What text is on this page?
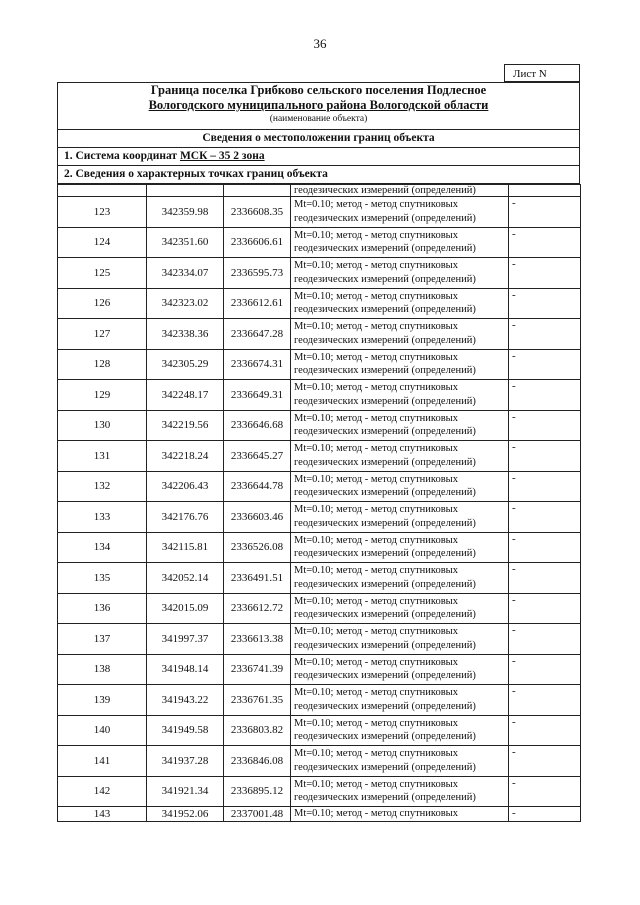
36
Лист N
Граница поселка Грибково сельского поселения Подлесное
Вологодского муниципального района Вологодской области
(наименование объекта)
Сведения о местоположении границ объекта
1. Система координат МСК – 35 2 зона
2. Сведения о характерных точках границ объекта
			геодезических измерений (определений)	
123	342359.98	2336608.35	Mt=0.10; метод - метод спутниковых
геодезических измерений (определений)	-
124	342351.60	2336606.61	Mt=0.10; метод - метод спутниковых
геодезических измерений (определений)	-
125	342334.07	2336595.73	Mt=0.10; метод - метод спутниковых
геодезических измерений (определений)	-
126	342323.02	2336612.61	Mt=0.10; метод - метод спутниковых
геодезических измерений (определений)	-
127	342338.36	2336647.28	Mt=0.10; метод - метод спутниковых
геодезических измерений (определений)	-
128	342305.29	2336674.31	Mt=0.10; метод - метод спутниковых
геодезических измерений (определений)	-
129	342248.17	2336649.31	Mt=0.10; метод - метод спутниковых
геодезических измерений (определений)	-
130	342219.56	2336646.68	Mt=0.10; метод - метод спутниковых
геодезических измерений (определений)	-
131	342218.24	2336645.27	Mt=0.10; метод - метод спутниковых
геодезических измерений (определений)	-
132	342206.43	2336644.78	Mt=0.10; метод - метод спутниковых
геодезических измерений (определений)	-
133	342176.76	2336603.46	Mt=0.10; метод - метод спутниковых
геодезических измерений (определений)	-
134	342115.81	2336526.08	Mt=0.10; метод - метод спутниковых
геодезических измерений (определений)	-
135	342052.14	2336491.51	Mt=0.10; метод - метод спутниковых
геодезических измерений (определений)	-
136	342015.09	2336612.72	Mt=0.10; метод - метод спутниковых
геодезических измерений (определений)	-
137	341997.37	2336613.38	Mt=0.10; метод - метод спутниковых
геодезических измерений (определений)	-
138	341948.14	2336741.39	Mt=0.10; метод - метод спутниковых
геодезических измерений (определений)	-
139	341943.22	2336761.35	Mt=0.10; метод - метод спутниковых
геодезических измерений (определений)	-
140	341949.58	2336803.82	Mt=0.10; метод - метод спутниковых
геодезических измерений (определений)	-
141	341937.28	2336846.08	Mt=0.10; метод - метод спутниковых
геодезических измерений (определений)	-
142	341921.34	2336895.12	Mt=0.10; метод - метод спутниковых
геодезических измерений (определений)	-
143	341952.06	2337001.48	Mt=0.10; метод - метод спутниковых	-
